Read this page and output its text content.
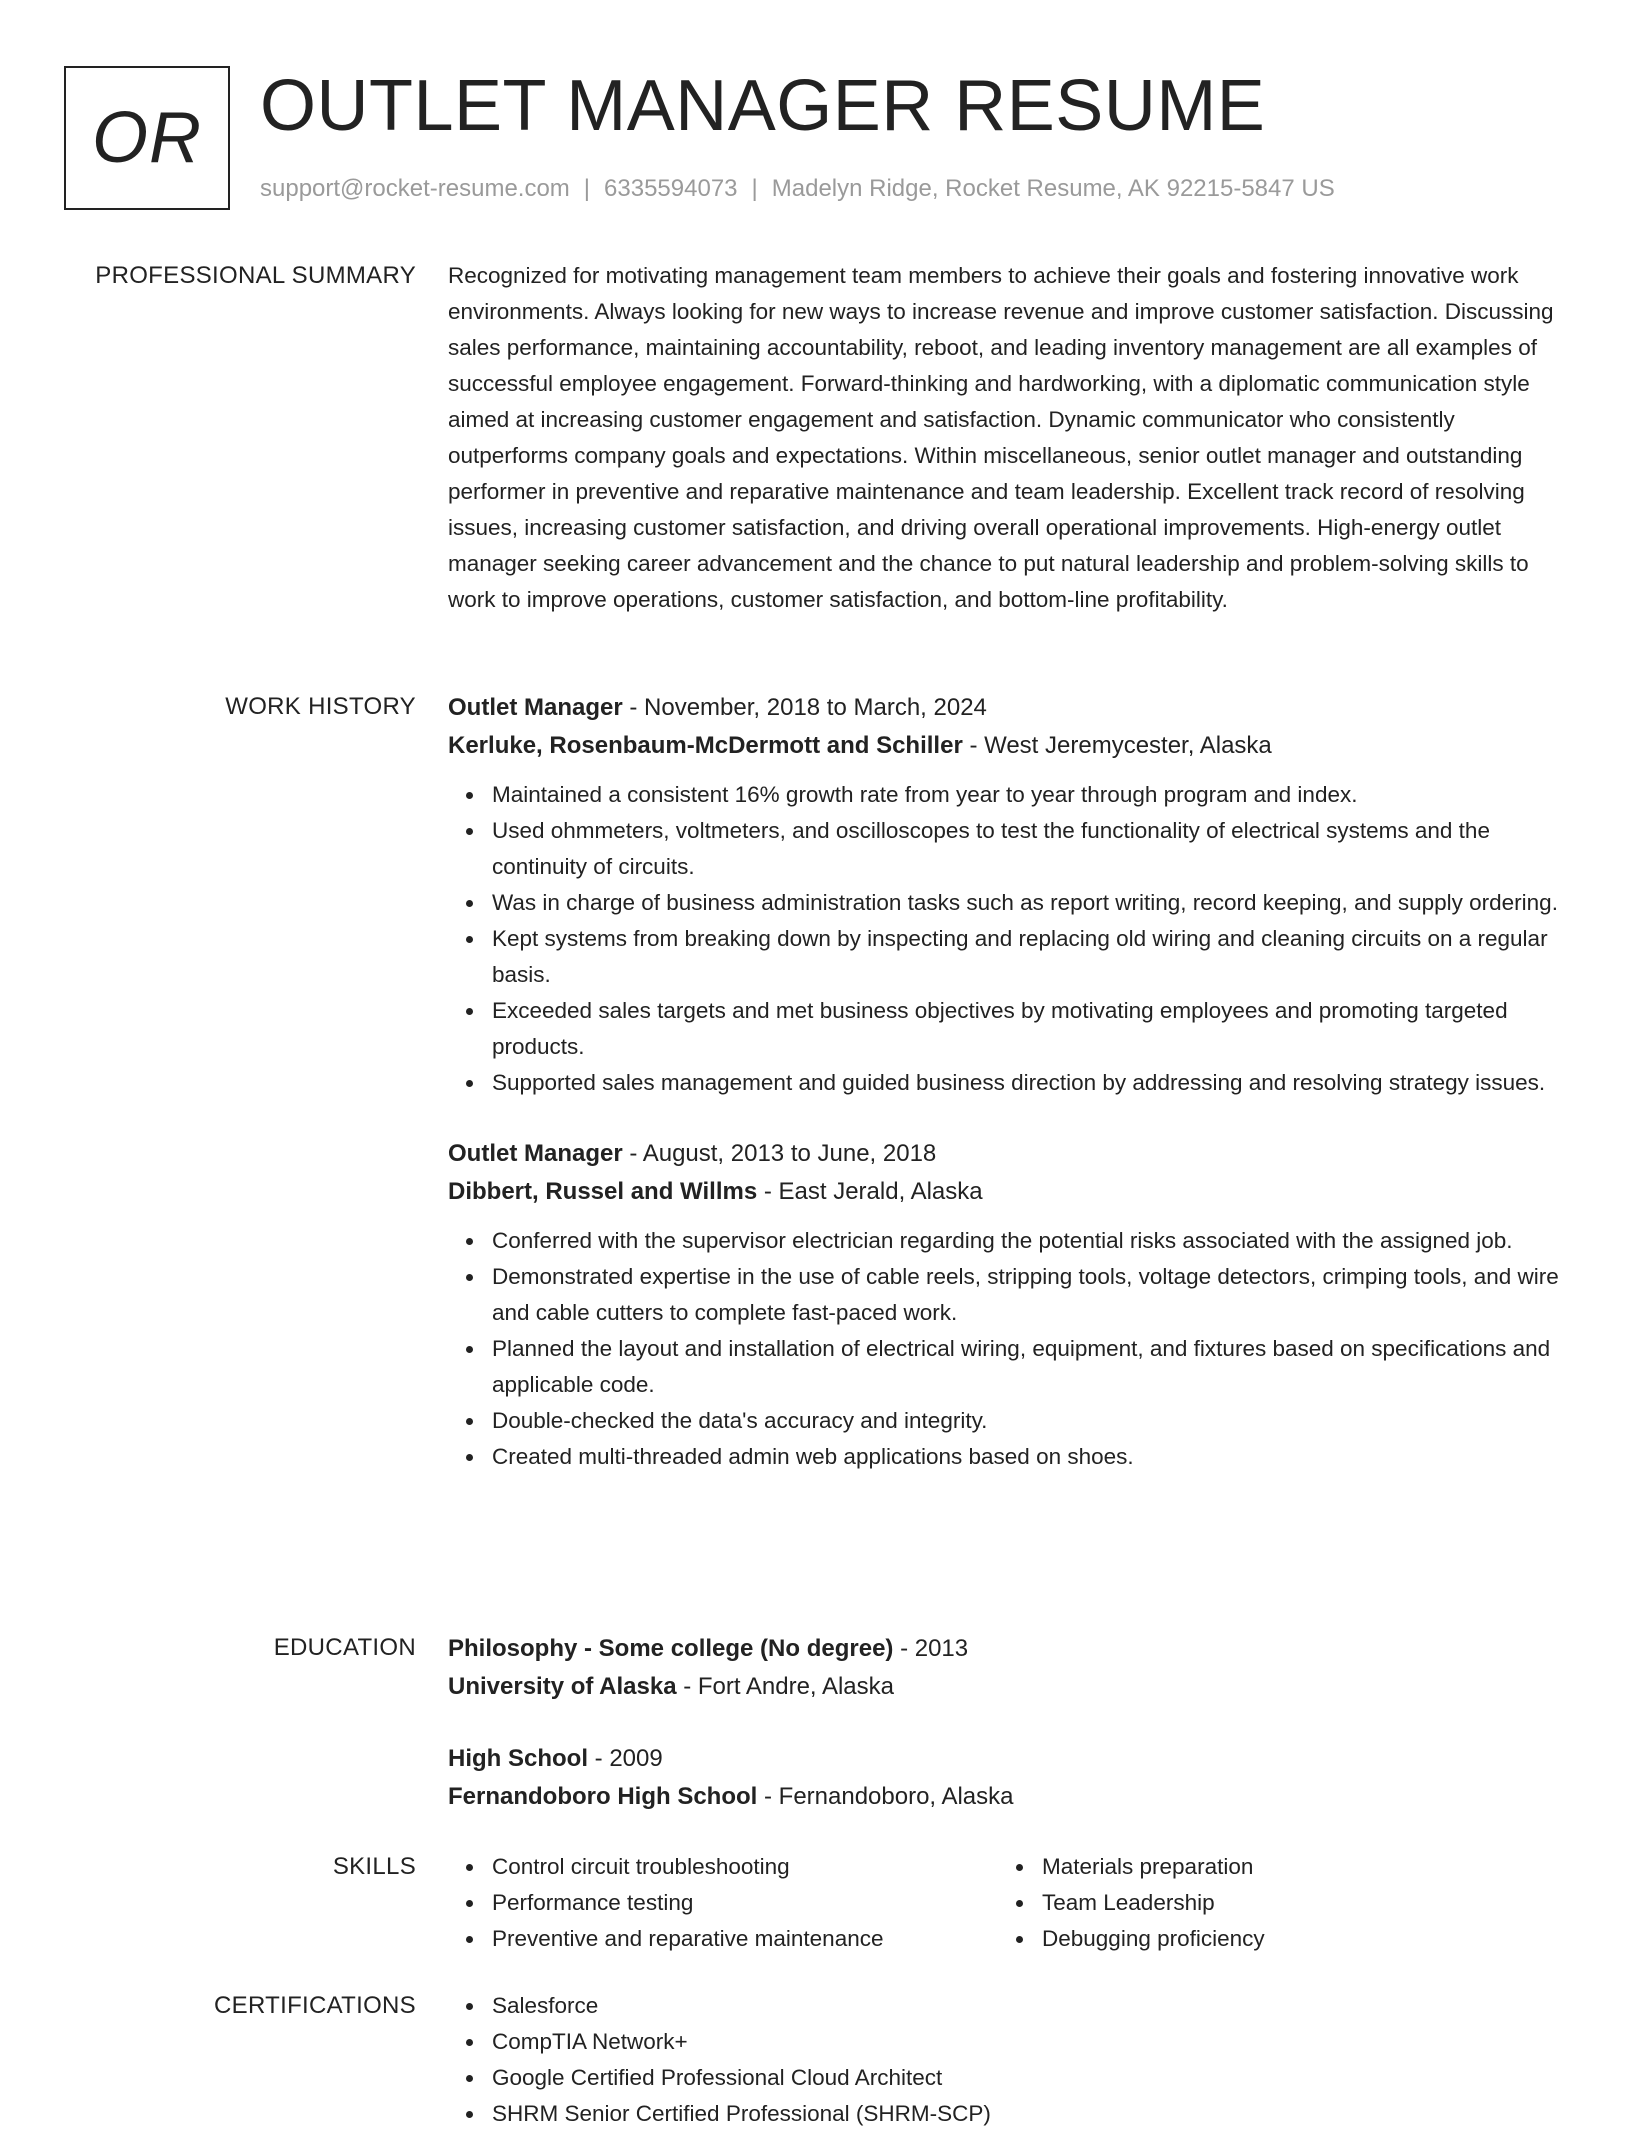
OR OUTLET MANAGER RESUME
support@rocket-resume.com | 6335594073 | Madelyn Ridge, Rocket Resume, AK 92215-5847 US
PROFESSIONAL SUMMARY Recognized for motivating management team members to achieve their goals and fostering innovative work environments. Always looking for new ways to increase revenue and improve customer satisfaction. Discussing sales performance, maintaining accountability, reboot, and leading inventory management are all examples of successful employee engagement. Forward-thinking and hardworking, with a diplomatic communication style aimed at increasing customer engagement and satisfaction. Dynamic communicator who consistently outperforms company goals and expectations. Within miscellaneous, senior outlet manager and outstanding performer in preventive and reparative maintenance and team leadership. Excellent track record of resolving issues, increasing customer satisfaction, and driving overall operational improvements. High-energy outlet manager seeking career advancement and the chance to put natural leadership and problem-solving skills to work to improve operations, customer satisfaction, and bottom-line profitability.

WORK HISTORY Outlet Manager - November, 2018 to March, 2024
Kerluke, Rosenbaum-McDermott and Schiller - West Jeremycester, Alaska
Maintained a consistent 16% growth rate from year to year through program and index.
Used ohmmeters, voltmeters, and oscilloscopes to test the functionality of electrical systems and the continuity of circuits.
Was in charge of business administration tasks such as report writing, record keeping, and supply ordering.
Kept systems from breaking down by inspecting and replacing old wiring and cleaning circuits on a regular basis.
Exceeded sales targets and met business objectives by motivating employees and promoting targeted products.
Supported sales management and guided business direction by addressing and resolving strategy issues.
Outlet Manager - August, 2013 to June, 2018
Dibbert, Russel and Willms - East Jerald, Alaska
Conferred with the supervisor electrician regarding the potential risks associated with the assigned job.
Demonstrated expertise in the use of cable reels, stripping tools, voltage detectors, crimping tools, and wire and cable cutters to complete fast-paced work.
Planned the layout and installation of electrical wiring, equipment, and fixtures based on specifications and applicable code.
Double-checked the data's accuracy and integrity.
Created multi-threaded admin web applications based on shoes.
EDUCATION Philosophy - Some college (No degree) - 2013
University of Alaska - Fort Andre, Alaska
High School - 2009
Fernandoboro High School - Fernandoboro, Alaska
SKILLS	Control circuit troubleshooting
Performance testing
Preventive and reparative maintenance
Materials preparation
Team Leadership
Debugging proficiency
CERTIFICATIONS	Salesforce
CompTIA Network+
Google Certified Professional Cloud Architect
SHRM Senior Certified Professional (SHRM-SCP)
